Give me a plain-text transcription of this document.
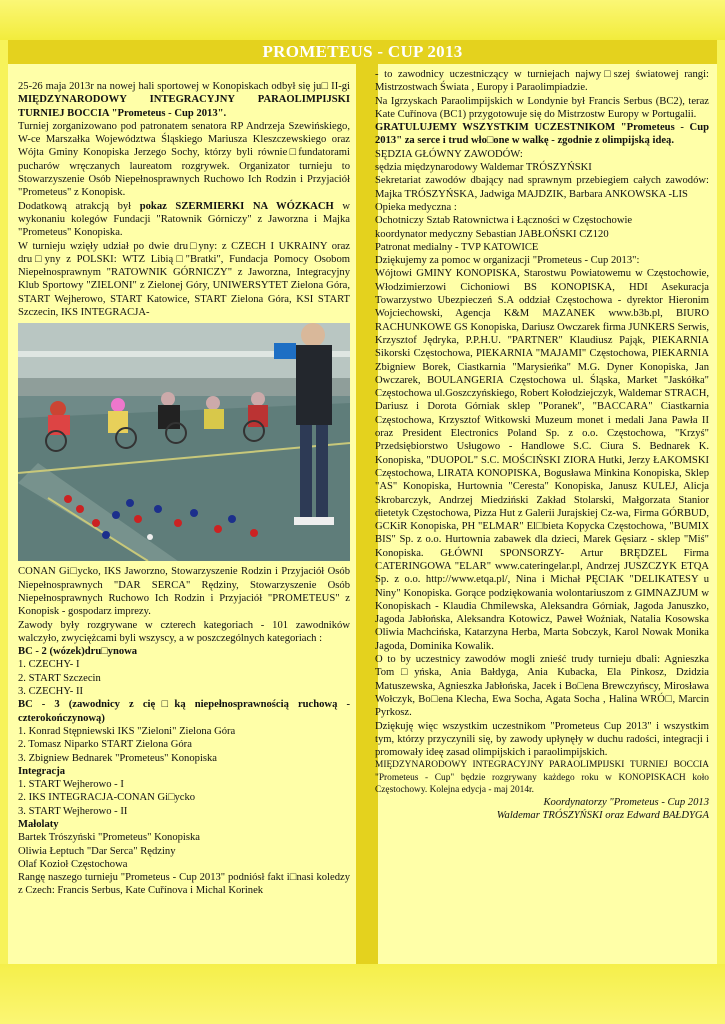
PROMETEUS - CUP 2013

25-26 maja 2013r na nowej hali sportowej w Konopiskach odbył się ju□ II-gi MIĘDZYNARODOWY INTEGRACYJNY PARAOLIMPIJSKI TURNIEJ BOCCIA "Prometeus - Cup 2013".

Turniej zorganizowano pod patronatem senatora RP Andrzeja Szewińskiego, W-ce Marszałka Województwa Śląskiego Mariusza Kleszczewskiego oraz Wójta Gminy Konopiska Jerzego Sochy, którzy byli równie□fundatorami pucharów wręczanych laureatom rozgrywek. Organizator turnieju to Stowarzyszenie Osób Niepełnosprawnych Ruchowo Ich Rodzin i Przyjaciół "Prometeus" z Konopisk.

Dodatkową atrakcją był pokaz SZERMIERKI NA WÓZKACH w wykonaniu kolegów Fundacji "Ratownik Górniczy" z Jaworzna i Majka "Prometeus" Konopiska.

W turnieju wzięły udział po dwie dru□yny: z CZECH I UKRAINY oraz dru□yny z POLSKI: WTZ Libią□"Bratki", Fundacja Pomocy Osobom Niepełnosprawnym "RATOWNIK GÓRNICZY" z Jaworzna, Integracyjny Klub Sportowy "ZIELONI" z Zielonej Góry, UNIWERSYTET Zielona Góra, START Wejherowo, START Katowice, START Zielona Góra, KSI START Szczecin, IKS INTEGRACJA-

CONAN Gi□ycko, IKS Jaworzno, Stowarzyszenie Rodzin i Przyjaciół Osób Niepełnosprawnych "DAR SERCA" Rędziny, Stowarzyszenie Osób Niepełnosprawnych Ruchowo Ich Rodzin i Przyjaciół "PROMETEUS" z Konopisk - gospodarz imprezy.

Zawody były rozgrywane w czterech kategoriach - 101 zawodników walczyło, zwyciężcami byli wszyscy, a w poszczególnych kategoriach :

BC - 2 (wózek)dru□ynowa

1. CZECHY- I

2. START Szczecin

3. CZECHY- II

BC - 3 (zawodnicy z cię□ką niepełnosprawnością ruchową - czterokończynową)

1. Konrad Stępniewski IKS "Zieloni" Zielona Góra

2. Tomasz Niparko START Zielona Góra

3. Zbigniew Bednarek "Prometeus" Konopiska

Integracja

1. START Wejherowo - I

2. IKS INTEGRACJA-CONAN Gi□ycko

3. START Wejherowo - II

Małolaty

Bartek Trószyński "Prometeus" Konopiska

Oliwia Łeptuch "Dar Serca" Rędziny

Olaf Kozioł Częstochowa

Rangę naszego turnieju "Prometeus - Cup 2013" podniósł fakt i□nasi koledzy z Czech: Francis Serbus, Kate Cuřínova i Michal Korinek

- to zawodnicy uczestniczący w turniejach najwy□szej światowej rangi: Mistrzostwach Świata , Europy i Paraolimpiadzie.

Na Igrzyskach Paraolimpijskich w Londynie był Francis Serbus (BC2), teraz Kate Cuřínova (BC1) przygotowuje się do Mistrzostw Europy w Portugalii.

GRATULUJEMY WSZYSTKIM UCZESTNIKOM "Prometeus - Cup 2013" za serce i trud wło□one w walkę - zgodnie z olimpijską ideą.

SĘDZIA GŁÓWNY ZAWODÓW:

sędzia międzynarodowy Waldemar TRÓSZYŃSKI

Sekretariat zawodów dbający nad sprawnym przebiegiem całych zawodów: Majka TRÓSZYŃSKA, Jadwiga MAJDZIK, Barbara ANKOWSKA -LIS

Opieka medyczna :

Ochotniczy Sztab Ratownictwa i Łączności w Częstochowie

koordynator medyczny Sebastian JABŁOŃSKI CZ120

Patronat medialny - TVP KATOWICE

Dziękujemy za pomoc w organizacji "Prometeus - Cup 2013":

Wójtowi GMINY KONOPISKA, Starostwu Powiatowemu w Częstochowie, Włodzimierzowi Cichoniowi BS KONOPISKA, HDI Asekuracja Towarzystwo Ubezpieczeń S.A oddział Częstochowa - dyrektor Hieronim Wojciechowski, Agencja K&M MAZANEK www.b3b.pl, BIURO RACHUNKOWE GS Konopiska, Dariusz Owczarek firma JUNKERS Serwis, Krzysztof Jędryka, P.P.H.U. "PARTNER" Klaudiusz Pająk, PIEKARNIA Sikorski Częstochowa, PIEKARNIA "MAJAMI" Częstochowa, PIEKARNIA Zbigniew Borek, Ciastkarnia "Marysieńka" M.G. Dyner Konopiska, Jan Owczarek, BOULANGERIA Częstochowa ul. Śląska, Market "Jaskółka" Częstochowa ul.Goszczyńskiego, Robert Kołodziejczyk, Waldemar STRACH, Dariusz i Dorota Górniak sklep "Poranek", "BACCARA" Ciastkarnia Częstochowa, Krzysztof Witkowski Muzeum monet i medali Jana Pawła II oraz President Electronics Poland Sp. z o.o. Częstochowa, "Krzyś" Przedsiębiorstwo Usługowo - Handlowe S.C. Ciura S. Bednarek K. Konopiska, "DUOPOL" S.C. MOŚCIŃSKI ZIORA Hutki, Jerzy ŁAKOMSKI Częstochowa, LIRATA KONOPISKA, Bogusława Minkina Konopiska, Sklep "AS" Konopiska, Hurtownia "Ceresta" Konopiska, Janusz KULEJ, Alicja Skrobarczyk, Andrzej Miedziński Zakład Stolarski, Małgorzata Stanior dietetyk Częstochowa, Pizza Hut z Galerii Jurajskiej Cz-wa, Firma GÓRBUD, GCKiR Konopiska, PH "ELMAR" El□bieta Kopycka Częstochowa, "BUMIX BIS" Sp. z o.o. Hurtownia zabawek dla dzieci, Marek Gęsiarz - sklep "Miś" Konopiska. GŁÓWNI SPONSORZY- Artur BRĘDZEL Firma CATERINGOWA "ELAR" www.cateringelar.pl, Andrzej JUSZCZYK ETQA Sp. z o.o. http://www.etqa.pl/, Nina i Michał PĘCIAK "DELIKATESY u Niny" Konopiska. Gorące podziękowania wolontariuszom z GIMNAZJUM w Konopiskach - Klaudia Chmilewska, Aleksandra Górniak, Jagoda Januszko, Jagoda Jabłońska, Aleksandra Kotowicz, Paweł Woźniak, Natalia Kosowska Oliwia Machcińska, Katarzyna Herba, Marta Sobczyk, Karol Nowak Monika Jagoda, Dominika Kowalik.

O to by uczestnicy zawodów mogli znieść trudy turnieju dbali: Agnieszka Tom□yńska, Ania Bałdyga, Ania Kubacka, Ela Pinkosz, Dzidzia Matuszewska, Agnieszka Jabłońska, Jacek i Bo□ena Brewczyńscy, Mirosława Wołczyk, Bo□ena Klecha, Ewa Socha, Agata Socha , Halina WRÓ□, Marcin Pyrkosz.

Dziękuję więc wszystkim uczestnikom "Prometeus Cup 2013" i wszystkim tym, którzy przyczynili się, by zawody upłynęły w duchu radości, integracji i promowały ideę zasad olimpijskich i paraolimpijskich.

MIĘDZYNARODOWY INTEGRACYJNY PARAOLIMPIJSKI TURNIEJ BOCCIA "Prometeus - Cup" będzie rozgrywany każdego roku w KONOPISKACH koło Częstochowy. Kolejna edycja - maj 2014r.

Koordynatorzy "Prometeus - Cup 2013

Waldemar TRÓSZYŃSKI oraz Edward BAŁDYGA
